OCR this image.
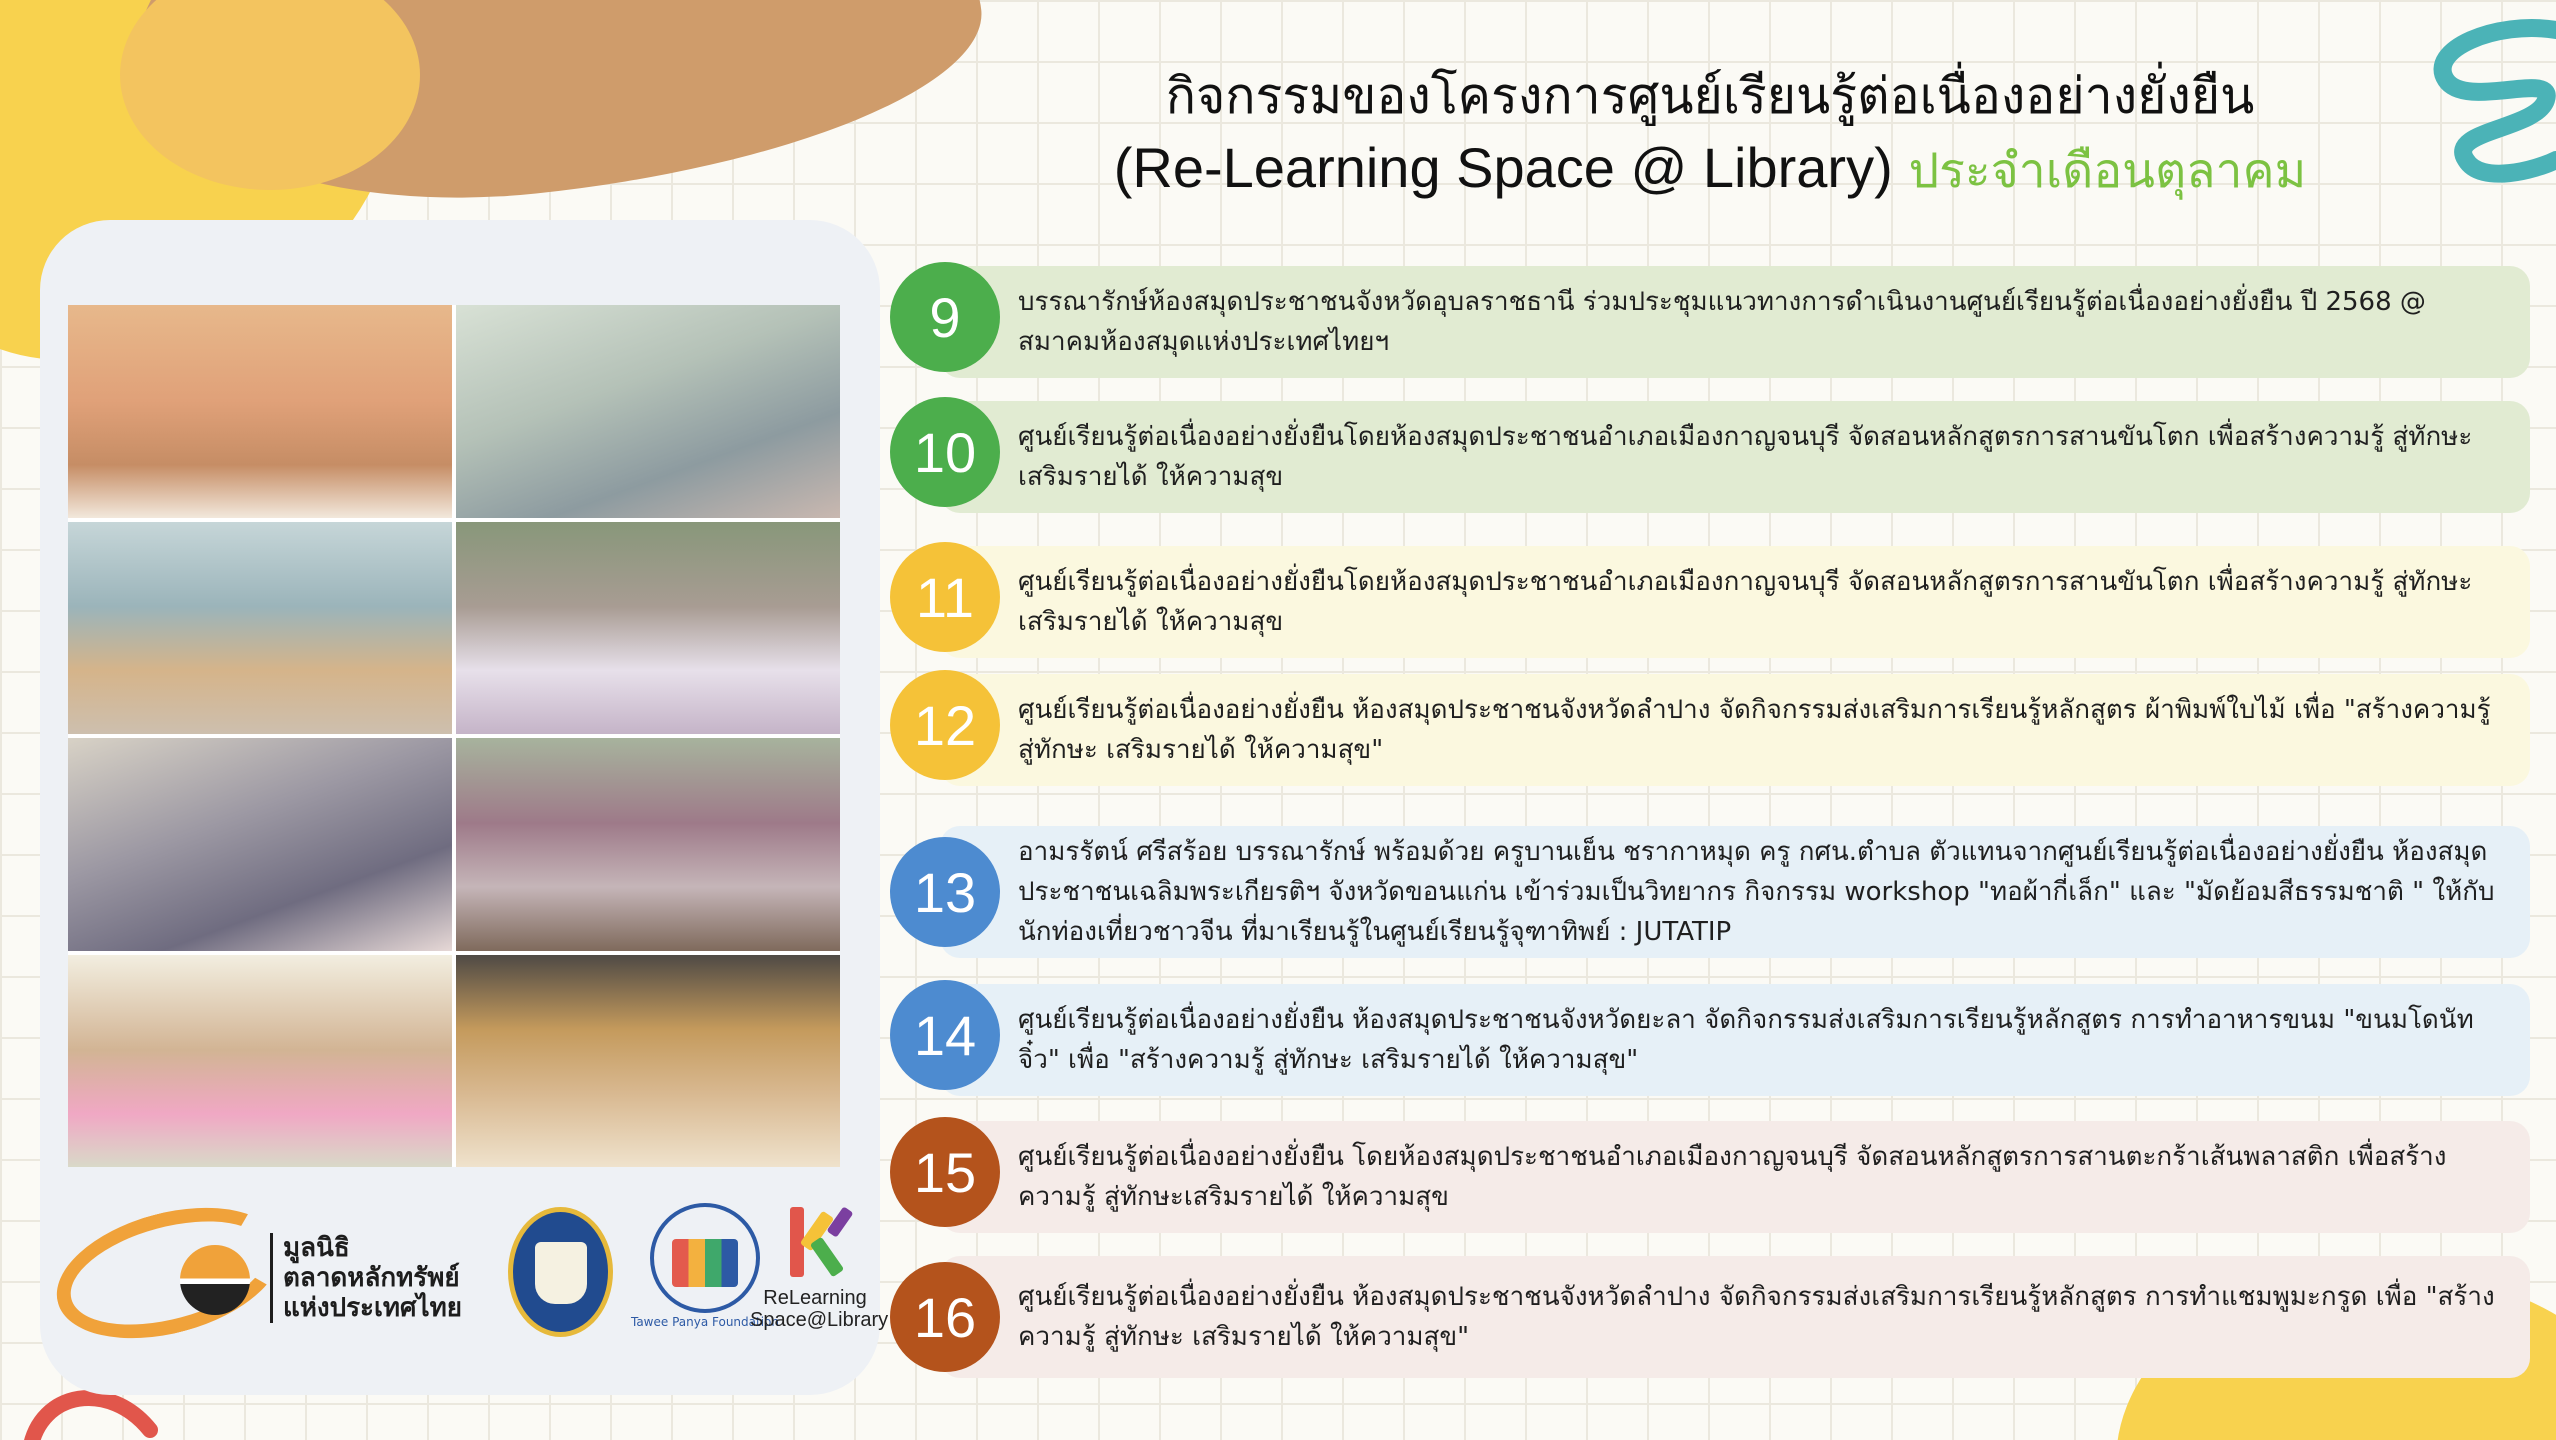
มูลนิธิ
ตลาดหลักทรัพย์
แห่งประเทศไทย	Tawee Panya Foundation
ReLearning
Space@Library
กิจกรรมของโครงการศูนย์เรียนรู้ต่อเนื่องอย่างยั่งยืน
(Re-Learning Space @ Library) ประจำเดือนตุลาคม
9	บรรณารักษ์ห้องสมุดประชาชนจังหวัดอุบลราชธานี ร่วมประชุมแนวทางการดำเนินงานศูนย์เรียนรู้ต่อเนื่องอย่างยั่งยืน ปี 2568 @ สมาคมห้องสมุดแห่งประเทศไทยฯ
10	ศูนย์เรียนรู้ต่อเนื่องอย่างยั่งยืนโดยห้องสมุดประชาชนอำเภอเมืองกาญจนบุรี จัดสอนหลักสูตรการสานขันโตก เพื่อสร้างความรู้ สู่ทักษะเสริมรายได้ ให้ความสุข
11	ศูนย์เรียนรู้ต่อเนื่องอย่างยั่งยืนโดยห้องสมุดประชาชนอำเภอเมืองกาญจนบุรี จัดสอนหลักสูตรการสานขันโตก เพื่อสร้างความรู้ สู่ทักษะเสริมรายได้ ให้ความสุข
12	ศูนย์เรียนรู้ต่อเนื่องอย่างยั่งยืน ห้องสมุดประชาชนจังหวัดลำปาง จัดกิจกรรมส่งเสริมการเรียนรู้หลักสูตร ผ้าพิมพ์ใบไม้ เพื่อ "สร้างความรู้ สู่ทักษะ เสริมรายได้ ให้ความสุข"
13
อามรรัตน์ ศรีสร้อย บรรณารักษ์ พร้อมด้วย ครูบานเย็น ชรากาหมุด ครู กศน.ตำบล ตัวแทนจากศูนย์เรียนรู้ต่อเนื่องอย่างยั่งยืน ห้องสมุดประชาชนเฉลิมพระเกียรติฯ จังหวัดขอนแก่น เข้าร่วมเป็นวิทยากร กิจกรรม workshop "ทอผ้ากี่เล็ก" และ "มัดย้อมสีธรรมชาติ " ให้กับนักท่องเที่ยวชาวจีน ที่มาเรียนรู้ในศูนย์เรียนรู้จุฑาทิพย์ : JUTATIP
14	ศูนย์เรียนรู้ต่อเนื่องอย่างยั่งยืน ห้องสมุดประชาชนจังหวัดยะลา จัดกิจกรรมส่งเสริมการเรียนรู้หลักสูตร การทำอาหารขนม "ขนมโดนัทจิ๋ว" เพื่อ "สร้างความรู้ สู่ทักษะ เสริมรายได้ ให้ความสุข"
15	ศูนย์เรียนรู้ต่อเนื่องอย่างยั่งยืน โดยห้องสมุดประชาชนอำเภอเมืองกาญจนบุรี จัดสอนหลักสูตรการสานตะกร้าเส้นพลาสติก เพื่อสร้างความรู้ สู่ทักษะเสริมรายได้ ให้ความสุข
16	ศูนย์เรียนรู้ต่อเนื่องอย่างยั่งยืน ห้องสมุดประชาชนจังหวัดลำปาง จัดกิจกรรมส่งเสริมการเรียนรู้หลักสูตร การทำแชมพูมะกรูด เพื่อ "สร้างความรู้ สู่ทักษะ เสริมรายได้ ให้ความสุข"
